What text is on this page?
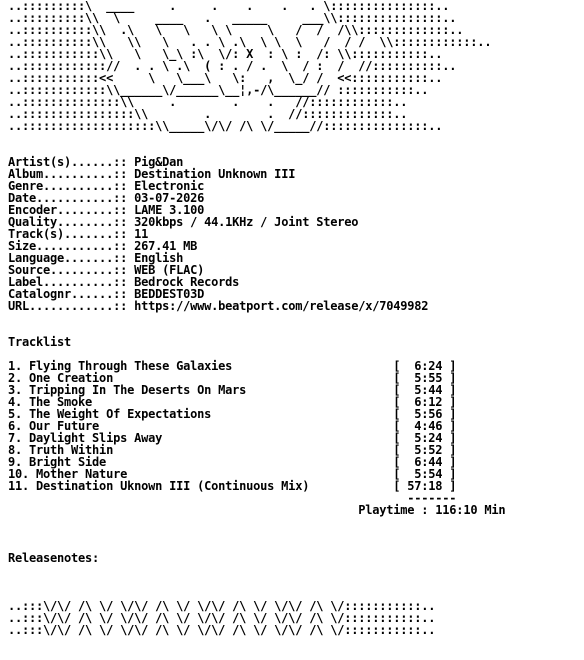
..:::::::::\  ____     .     .    .    .   . \:::::::::::::::..
..:::::::::\\  \     ____   .   _____     ___\\:::::::::::::::..
..::::::::::\\  .\   \   \   \ \     \   /  /  /\\:::::::::::::..
..::::::::::\\   \\   \   . . \ .\  \ \  \   /  / /  \\::::::::::::..
..:::::::::::\\   \   \_\ :\  \/: X  : \ :  /: \\:::::::::::..
..:::::::::::://  . . \ .\  ( : . / .  \  / :  /  //::::::::::..
..:::::::::::<<     \   \___\   \:   ,  \_/ /  <<:::::::::::..
..::::::::::::\\______\/______\__¦,-/\______// :::::::::::..
..::::::::::::::\\     .        .    .   //::::::::::::..
..::::::::::::::::\\        .        .  //:::::::::::::..
..:::::::::::::::::::\\_____\/\/ /\ \/_____//:::::::::::::::..
Artist(s)......:: Pig&Dan
Album..........:: Destination Unknown III
Genre..........:: Electronic
Date...........:: 03-07-2026
Encoder........:: LAME 3.100
Quality........:: 320kbps / 44.1KHz / Joint Stereo
Track(s).......:: 11
Size...........:: 267.41 MB
Language.......:: English
Source.........:: WEB (FLAC)
Label..........:: Bedrock Records
Catalognr......:: BEDDEST03D
URL............:: https://www.beatport.com/release/x/7049982
Tracklist
1. Flying Through These Galaxies                       [  6:24 ]
2. One Creation                                        [  5:55 ]
3. Tripping In The Deserts On Mars                     [  5:44 ]
4. The Smoke                                           [  6:12 ]
5. The Weight Of Expectations                          [  5:56 ]
6. Our Future                                          [  4:46 ]
7. Daylight Slips Away                                 [  5:24 ]
8. Truth Within                                        [  5:52 ]
9. Bright Side                                         [  6:44 ]
10. Mother Nature                                      [  5:54 ]
11. Destination Uknown III (Continuous Mix)            [ 57:18 ]
-------
Playtime : 116:10 Min
Releasenotes:
..:::\/\/ /\ \/ \/\/ /\ \/ \/\/ /\ \/ \/\/ /\ \/:::::::::::..
..:::\/\/ /\ \/ \/\/ /\ \/ \/\/ /\ \/ \/\/ /\ \/:::::::::::..
..:::\/\/ /\ \/ \/\/ /\ \/ \/\/ /\ \/ \/\/ /\ \/:::::::::::..
